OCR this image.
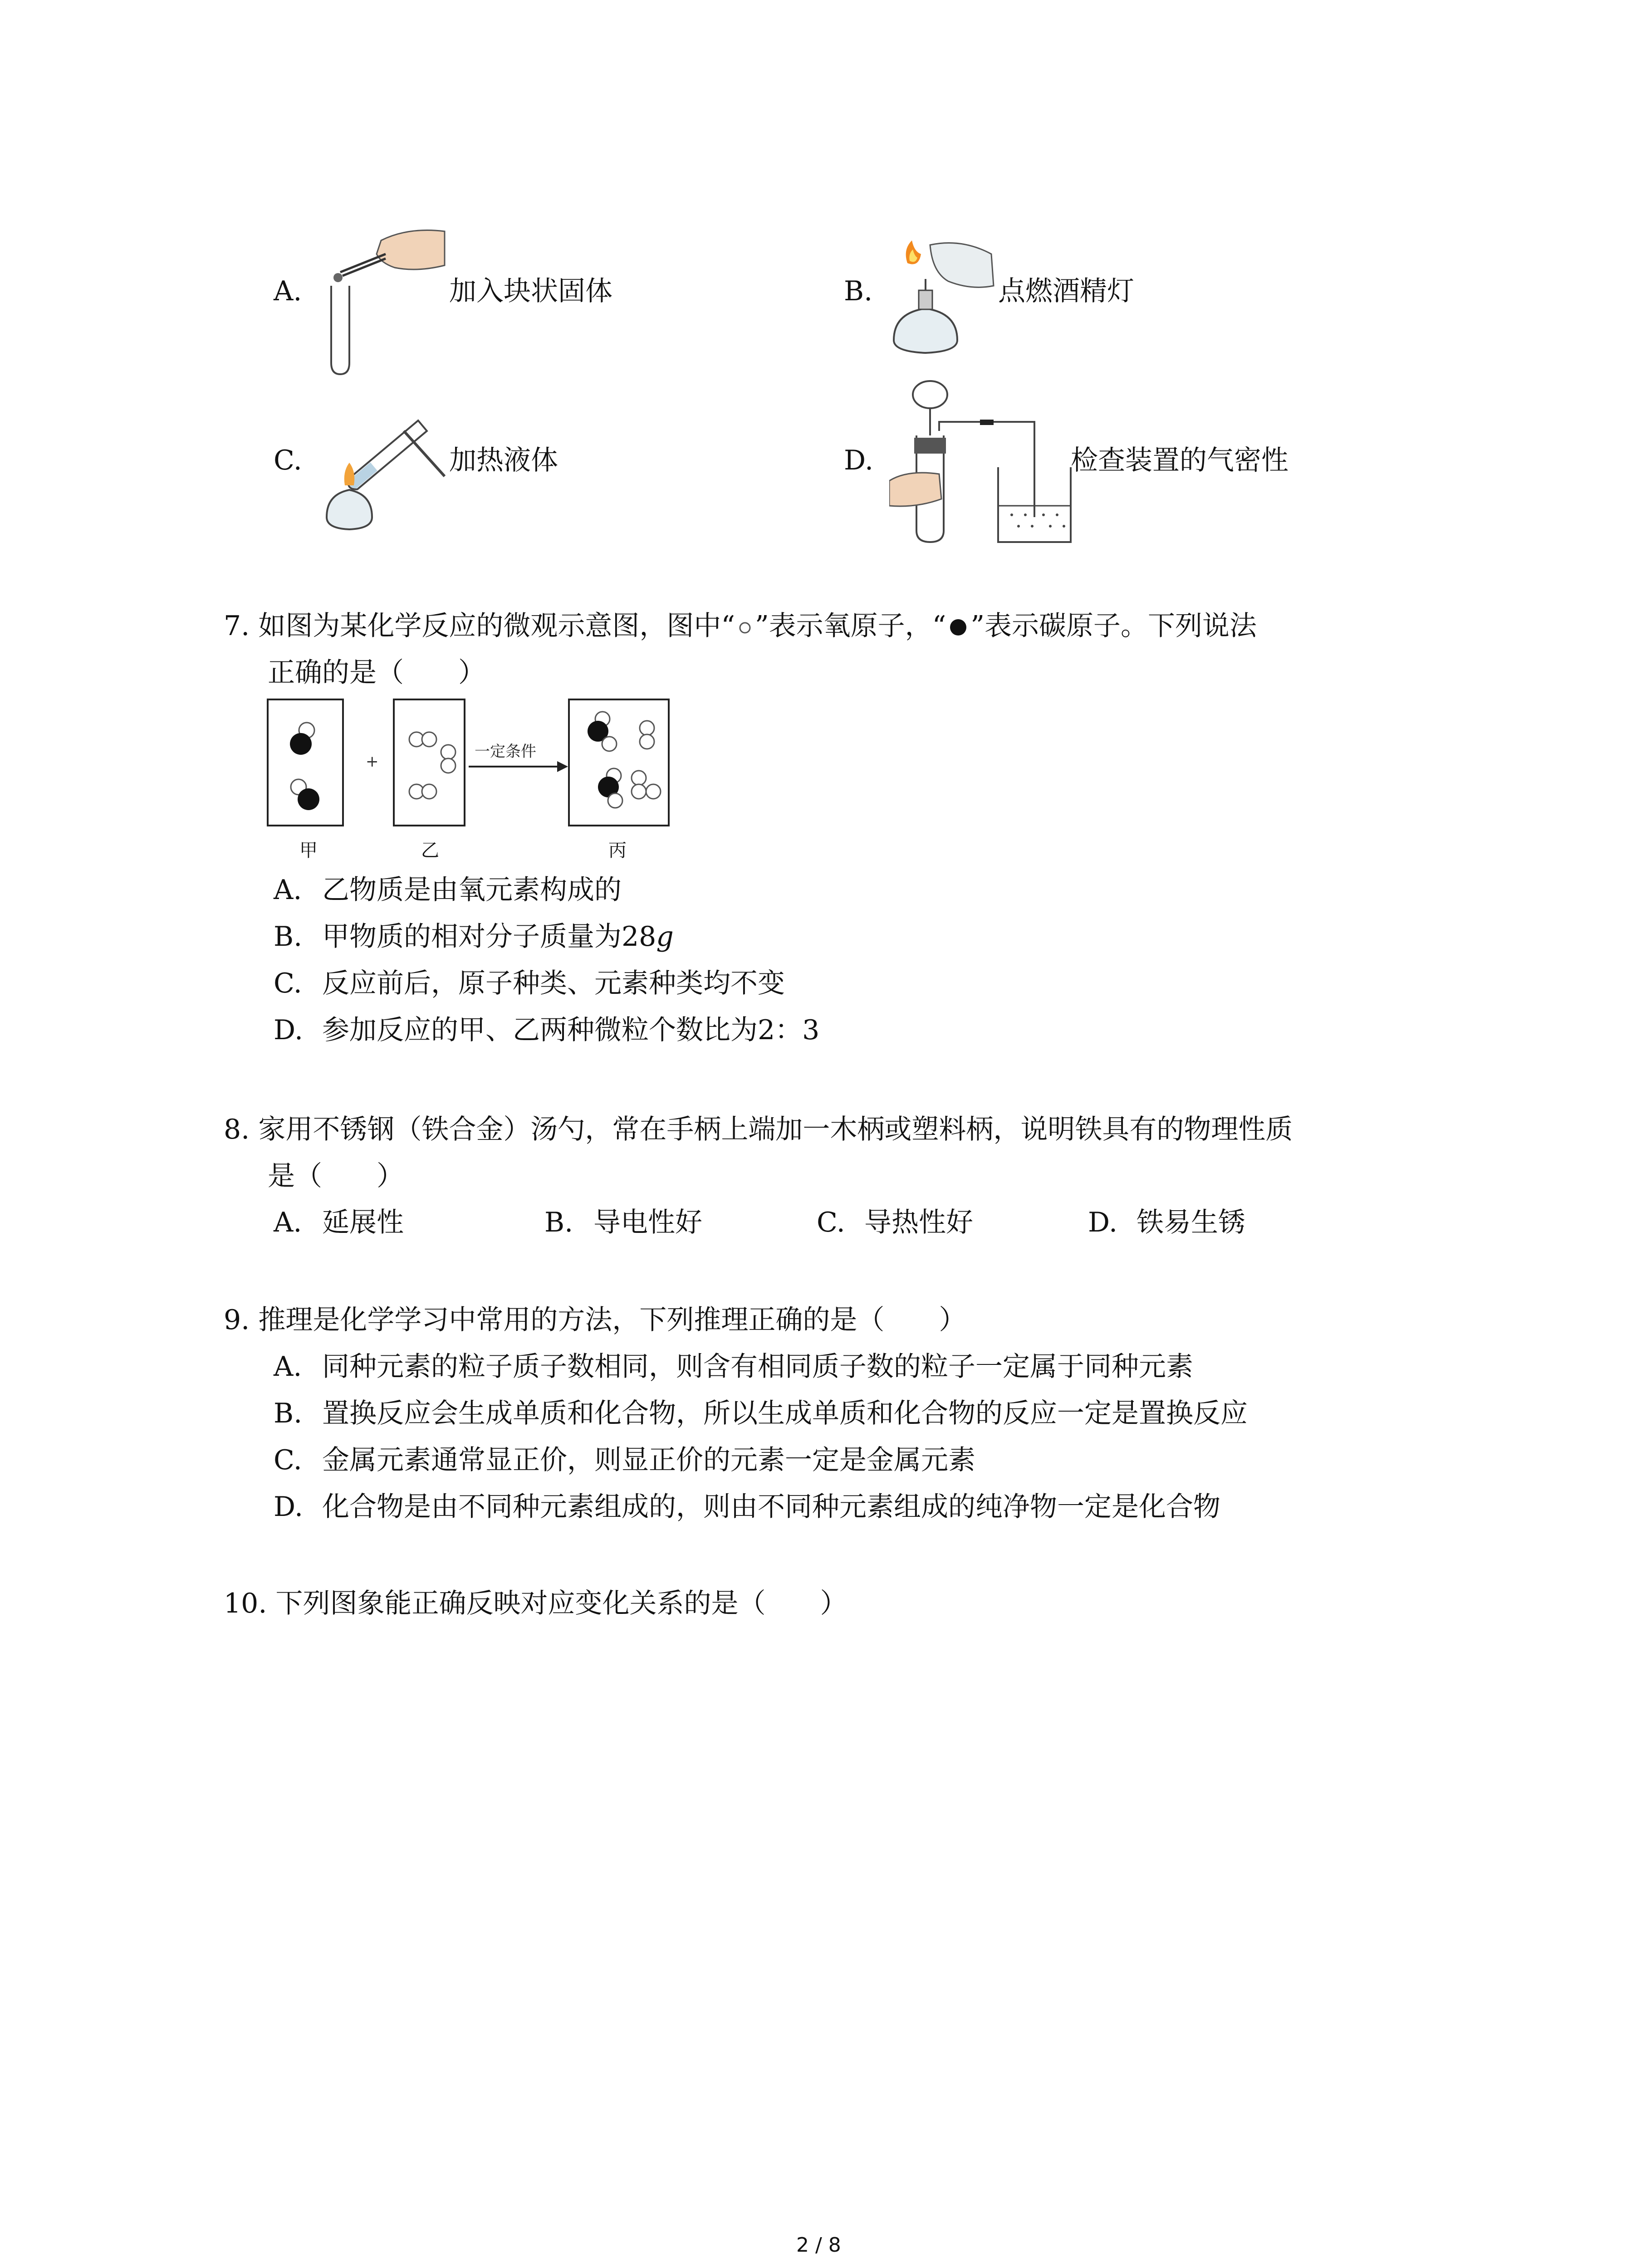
A.	加入块状固体	B.	点燃酒精灯
C.	加热液体	D.	检查装置的气密性
7. 如图为某化学反应的微观示意图，图中“ ”表示氧原子，“ ”表示碳原子。下列说法
正确的是（　　）
+
一定条件
甲	乙	丙
A. 乙物质是由氧元素构成的
B. 甲物质的相对分子质量为28g
C. 反应前后，原子种类、元素种类均不变
D. 参加反应的甲、乙两种微粒个数比为2：3
8. 家用不锈钢（铁合金）汤勺，常在手柄上端加一木柄或塑料柄，说明铁具有的物理性质
是（　　）
A. 延展性	B. 导电性好	C. 导热性好	D. 铁易生锈
9. 推理是化学学习中常用的方法，下列推理正确的是（　　）
A. 同种元素的粒子质子数相同，则含有相同质子数的粒子一定属于同种元素
B. 置换反应会生成单质和化合物，所以生成单质和化合物的反应一定是置换反应
C. 金属元素通常显正价，则显正价的元素一定是金属元素
D. 化合物是由不同种元素组成的，则由不同种元素组成的纯净物一定是化合物
10. 下列图象能正确反映对应变化关系的是（　　）
2 / 8
